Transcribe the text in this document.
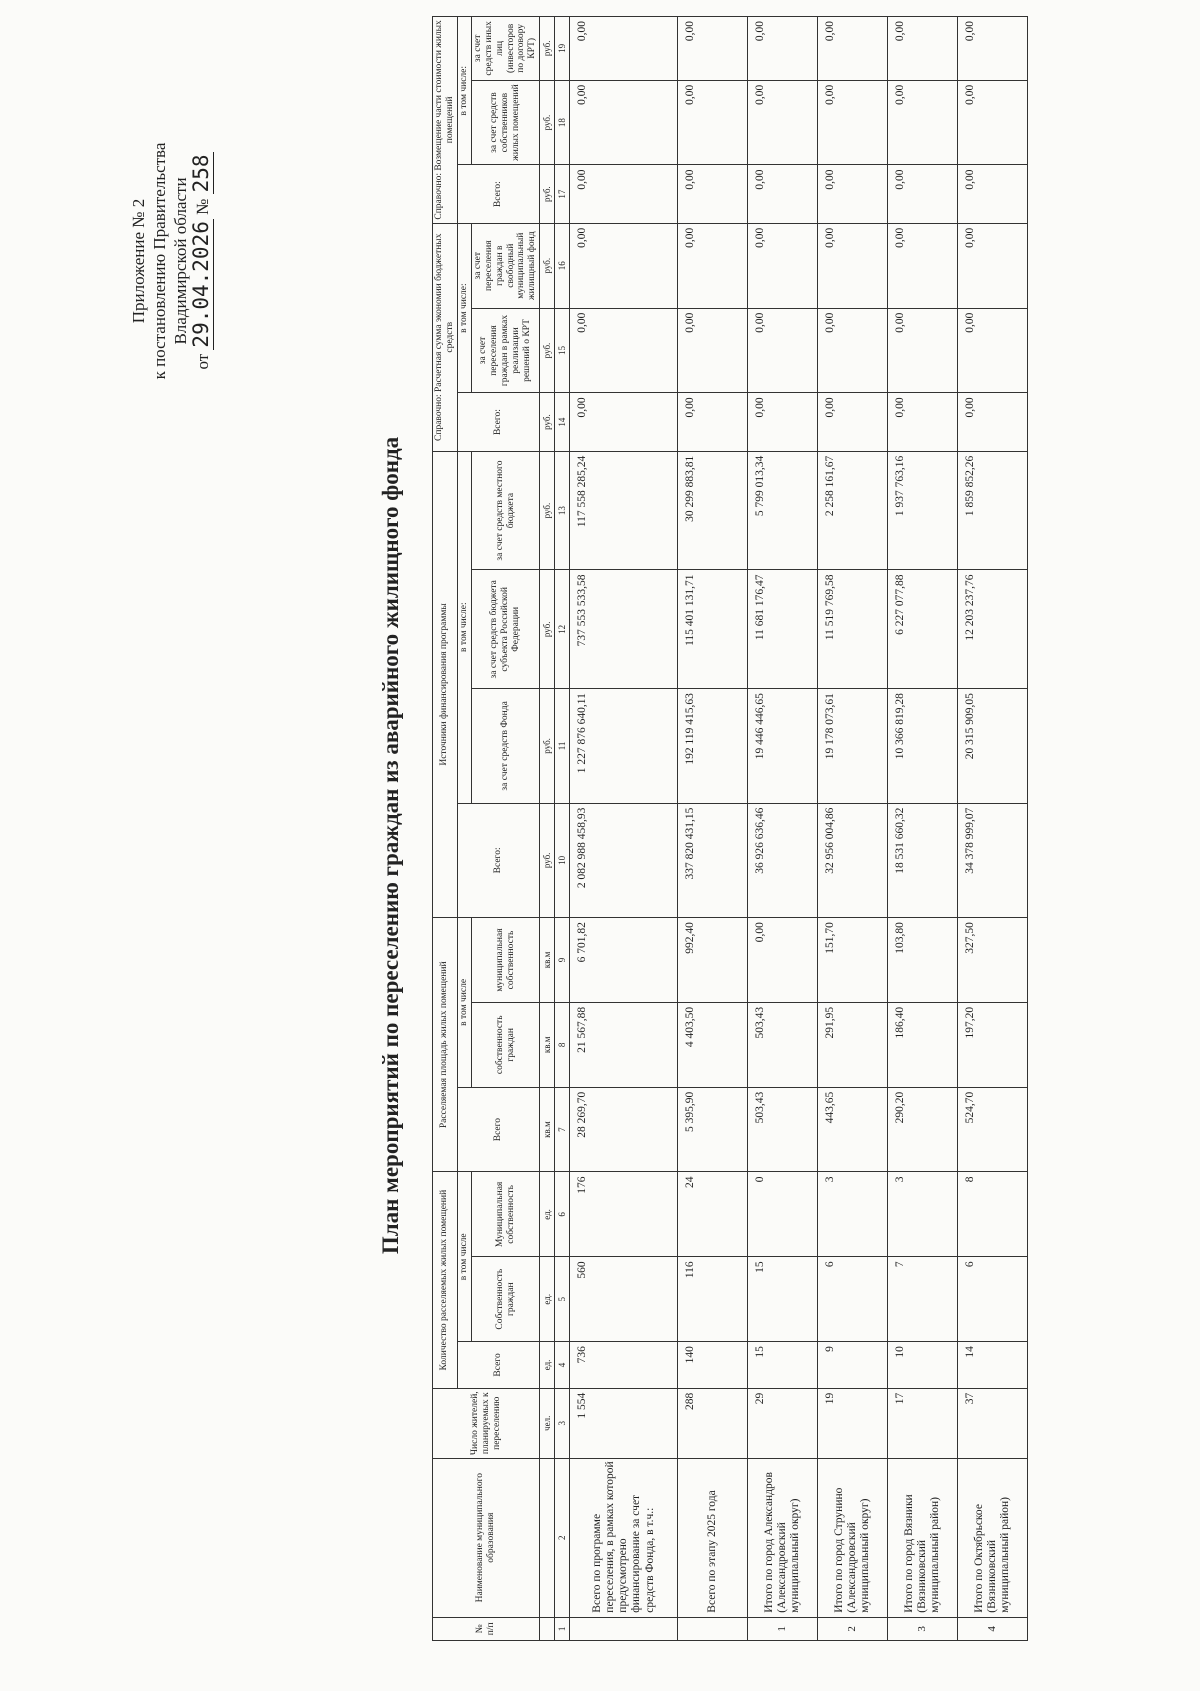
Приложение № 2 к постановлению Правительства Владимирской области
от 29.04.2026 № 258
План мероприятий по переселению граждан из аварийного жилищного фонда
№ п/п	Наименование муниципального образования	Число жителей, планируемых к переселению	Количество расселяемых жилых помещений			Расселяемая площадь жилых помещений			Источники финансирования программы				Справочно: Расчетная сумма экономии бюджетных средств			Справочно: Возмещение части стоимости жилых помещений		
			Всего	в том числе		Всего	в том числе		Всего:	в том числе:			Всего:	в том числе:		Всего:	в том числе:	
				Собственность граждан	Муниципальная собственность		собственность граждан	муниципальная собственность		за счет средств Фонда	за счет средств бюджета субъекта Российской Федерации	за счет средств местного бюджета		за счет переселения граждан в рамках реализации решений о КРТ	за счет переселения граждан в свободный муниципальный жилищный фонд		за счет средств собственников жилых помещений	за счет средств иных лиц (инвесторов по договору КРТ)

		чел.	ед.	ед.	ед.	кв.м	кв.м	кв.м	руб.	руб.	руб.	руб.	руб.	руб.	руб.	руб.	руб.	руб.
1	2	3	4	5	6	7	8	9	10	11	12	13	14	15	16	17	18	19
	Всего по программе переселения, в рамках которой предусмотрено финансирование за счет средств Фонда, в т.ч.:	1 554	736	560	176	28 269,70	21 567,88	6 701,82	2 082 988 458,93	1 227 876 640,11	737 553 533,58	117 558 285,24	0,00	0,00	0,00	0,00	0,00	0,00
	Всего по этапу 2025 года	288	140	116	24	5 395,90	4 403,50	992,40	337 820 431,15	192 119 415,63	115 401 131,71	30 299 883,81	0,00	0,00	0,00	0,00	0,00	0,00
1	Итого по город Александров (Александровский муниципальный округ)	29	15	15	0	503,43	503,43	0,00	36 926 636,46	19 446 446,65	11 681 176,47	5 799 013,34	0,00	0,00	0,00	0,00	0,00	0,00
2	Итого по город Струнино (Александровский муниципальный округ)	19	9	6	3	443,65	291,95	151,70	32 956 004,86	19 178 073,61	11 519 769,58	2 258 161,67	0,00	0,00	0,00	0,00	0,00	0,00
3	Итого по город Вязники (Вязниковский муниципальный район)	17	10	7	3	290,20	186,40	103,80	18 531 660,32	10 366 819,28	6 227 077,88	1 937 763,16	0,00	0,00	0,00	0,00	0,00	0,00
4	Итого по Октябрьское (Вязниковский муниципальный район)	37	14	6	8	524,70	197,20	327,50	34 378 999,07	20 315 909,05	12 203 237,76	1 859 852,26	0,00	0,00	0,00	0,00	0,00	0,00
